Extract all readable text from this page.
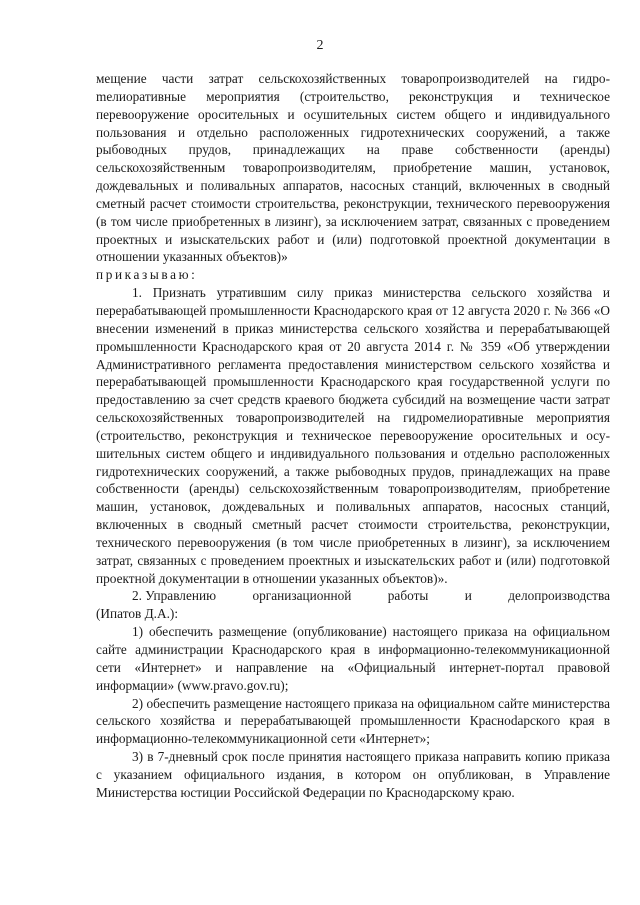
2

мещение части затрат сельскохозяйственных товаропроизводителей на гидроmелиоративные мероприятия (строительство, реконструкция и техническое перевооружение оросительных и осушительных систем общего и индивидуального пользования и отдельно расположенных гидротехнических сооружений, а также рыбоводных прудов, принадлежащих на праве собственности (аренды) сельскохозяйственным товаропроизводителям, приобретение машин, установок, дождевальных и поливальных аппаратов, насосных станций, включенных в сводный сметный расчет стоимости строительства, реконструкции, технического перевооружения (в том числе приобретенных в лизинг), за исключением затрат, связанных с проведением проектных и изыскательских работ и (или) подготовкой проектной документации в отношении указанных объектов)»

приказываю:

1. Признать утратившим силу приказ министерства сельского хозяйства и перерабатывающей промышленности Краснодарского края от 12 августа 2020 г. № 366 «О внесении изменений в приказ министерства сельского хозяйства и перерабатывающей промышленности Краснодарского края от 20 августа 2014 г. № 359 «Об утверждении Административного регламента предоставления министерством сельского хозяйства и перерабатывающей промышленности Краснодарского края государственной услуги по предоставлению за счет средств краевого бюджета субсидий на возмещение части затрат сельскохозяйственных товаропроизводителей на гидромелиоративные мероприятия (строительство, реконструкция и техническое перевооружение оросительных и осушительных систем общего и индивидуального пользования и отдельно расположенных гидротехнических сооружений, а также рыбоводных прудов, принадлежащих на праве собственности (аренды) сельскохозяйственным товаропроизводителям, приобретение машин, установок, дождевальных и поливальных аппаратов, насосных станций, включенных в сводный сметный расчет стоимости строительства, реконструкции, технического перевооружения (в том числе приобретенных в лизинг), за исключением затрат, связанных с проведением проектных и изыскательских работ и (или) подготовкой проектной документации в отношении указанных объектов)».

2. Управлению	организационной	работы	и	делопроизводства

(Ипатов Д.А.):

1) обеспечить размещение (опубликование) настоящего приказа на официальном сайте администрации Краснодарского края в информационно-телекоммуникационной сети «Интернет» и направление на «Официальный интернет-портал правовой информации» (www.pravo.gov.ru);

2) обеспечить размещение настоящего приказа на официальном сайте министерства сельского хозяйства и перерабатывающей промышленности Красноdарского края в информационно-телекоммуникационной сети «Интернет»;

3) в 7-дневный срок после принятия настоящего приказа направить копию приказа с указанием официального издания, в котором он опубликован, в Управление Министерства юстиции Российской Федерации по Краснодарскому краю.
